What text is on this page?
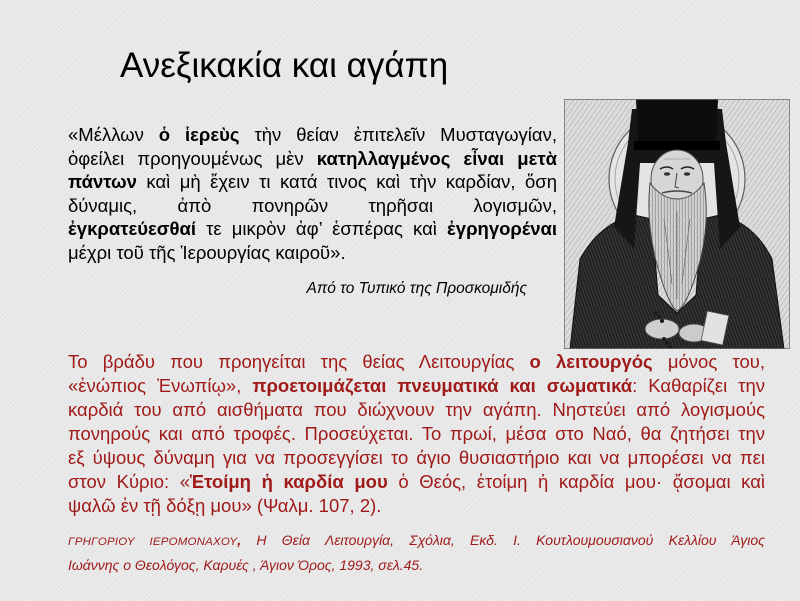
Ανεξικακία και αγάπη
«Μέλλων ὁ ἱερεὺς τὴν θείαν ἐπιτελεῖν Μυσταγωγίαν,
ὀφείλει προηγουμένως μὲν κατηλλαγμένος εἶναι μετὰ
πάντων καὶ μὴ ἔχειν τι κατά τινος καὶ τὴν καρδίαν, ὅση
δύναμις, ἀπὸ πονηρῶν τηρῆσαι λογισμῶν,
ἐγκρατεύεσθαί τε μικρὸν ἀφ’ ἑσπέρας καὶ ἐγρηγορέναι
μέχρι τοῦ τῆς Ἱερουργίας καιροῦ».
Από το Τυπικό της Προσκομιδής
Το βράδυ που προηγείται της θείας Λειτουργίας ο λειτουργός μόνος του,
«ἐνώπιος Ἐνωπίῳ», προετοιμάζεται πνευματικά και σωματικά: Καθαρίζει την
καρδιά του από αισθήματα που διώχνουν την αγάπη. Νηστεύει από λογισμούς
πονηρούς και από τροφές. Προσεύχεται. Το πρωί, μέσα στο Ναό, θα ζητήσει την
εξ ύψους δύναμη για να προσεγγίσει το άγιο θυσιαστήριο και να μπορέσει να πει
στον Κύριο: «Ἑτοίμη ἡ καρδία μου ὁ Θεός, ἑτοίμη ἡ καρδία μου· ᾄσομαι καὶ
ψαλῶ ἐν τῇ δόξῃ μου» (Ψαλμ. 107, 2).
ΓΡΗΓΟΡΙΟΥ ΙΕΡΟΜΟΝΑΧΟΥ, Η Θεία Λειτουργία, Σχόλια, Εκδ. Ι. Κουτλουμουσιανού Κελλίου Άγιος
Ιωάννης ο Θεολόγος, Καρυές , Άγιον Όρος, 1993, σελ.45.
